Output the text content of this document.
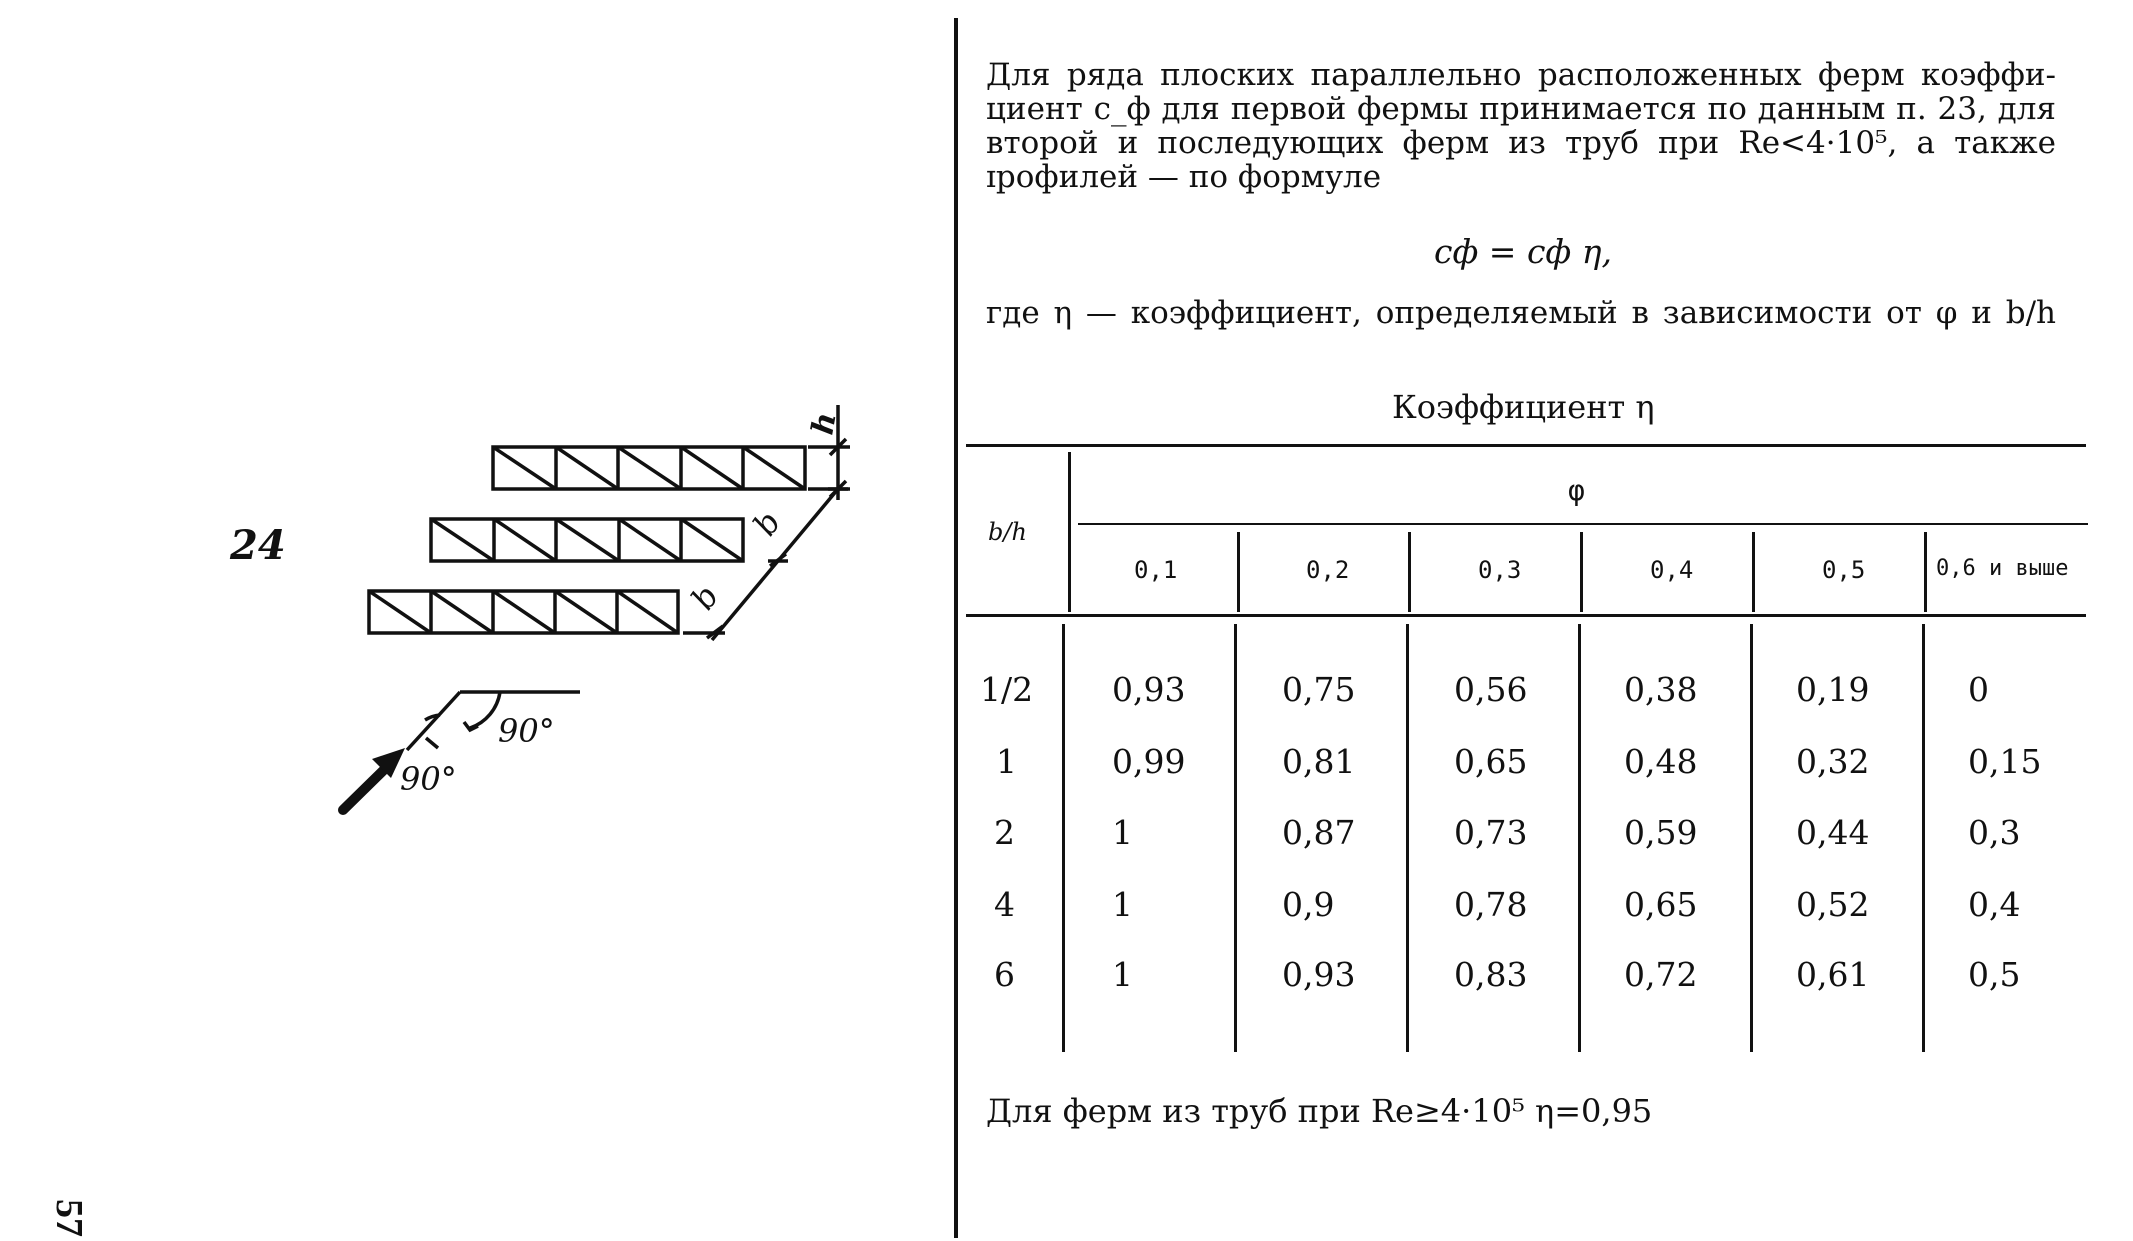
24
h
b
b
90°
90°
57
Для ряда плоских параллельно расположенных ферм коэффи-
циент c_ф для первой фермы принимается по данным п. 23, для
второй и последующих ферм из труб при Re<4·10⁵, а также
ɪрофилей — по формуле
cф = cф η,
где η — коэффициент, определяемый в зависимости от φ и b/h
Коэффициент η
b/h
φ
0,1	0,2	0,3	0,4	0,5	0,6 и выше
1/2 0,93	0,75	0,56	0,38	0,19	0
1	0,99	0,81	0,65	0,48	0,32	0,15
2	1	0,87	0,73	0,59	0,44	0,3
4	1	0,9	0,78	0,65	0,52	0,4
6	1	0,93	0,83	0,72	0,61	0,5
Для ферм из труб при Re≥4·10⁵ η=0,95
